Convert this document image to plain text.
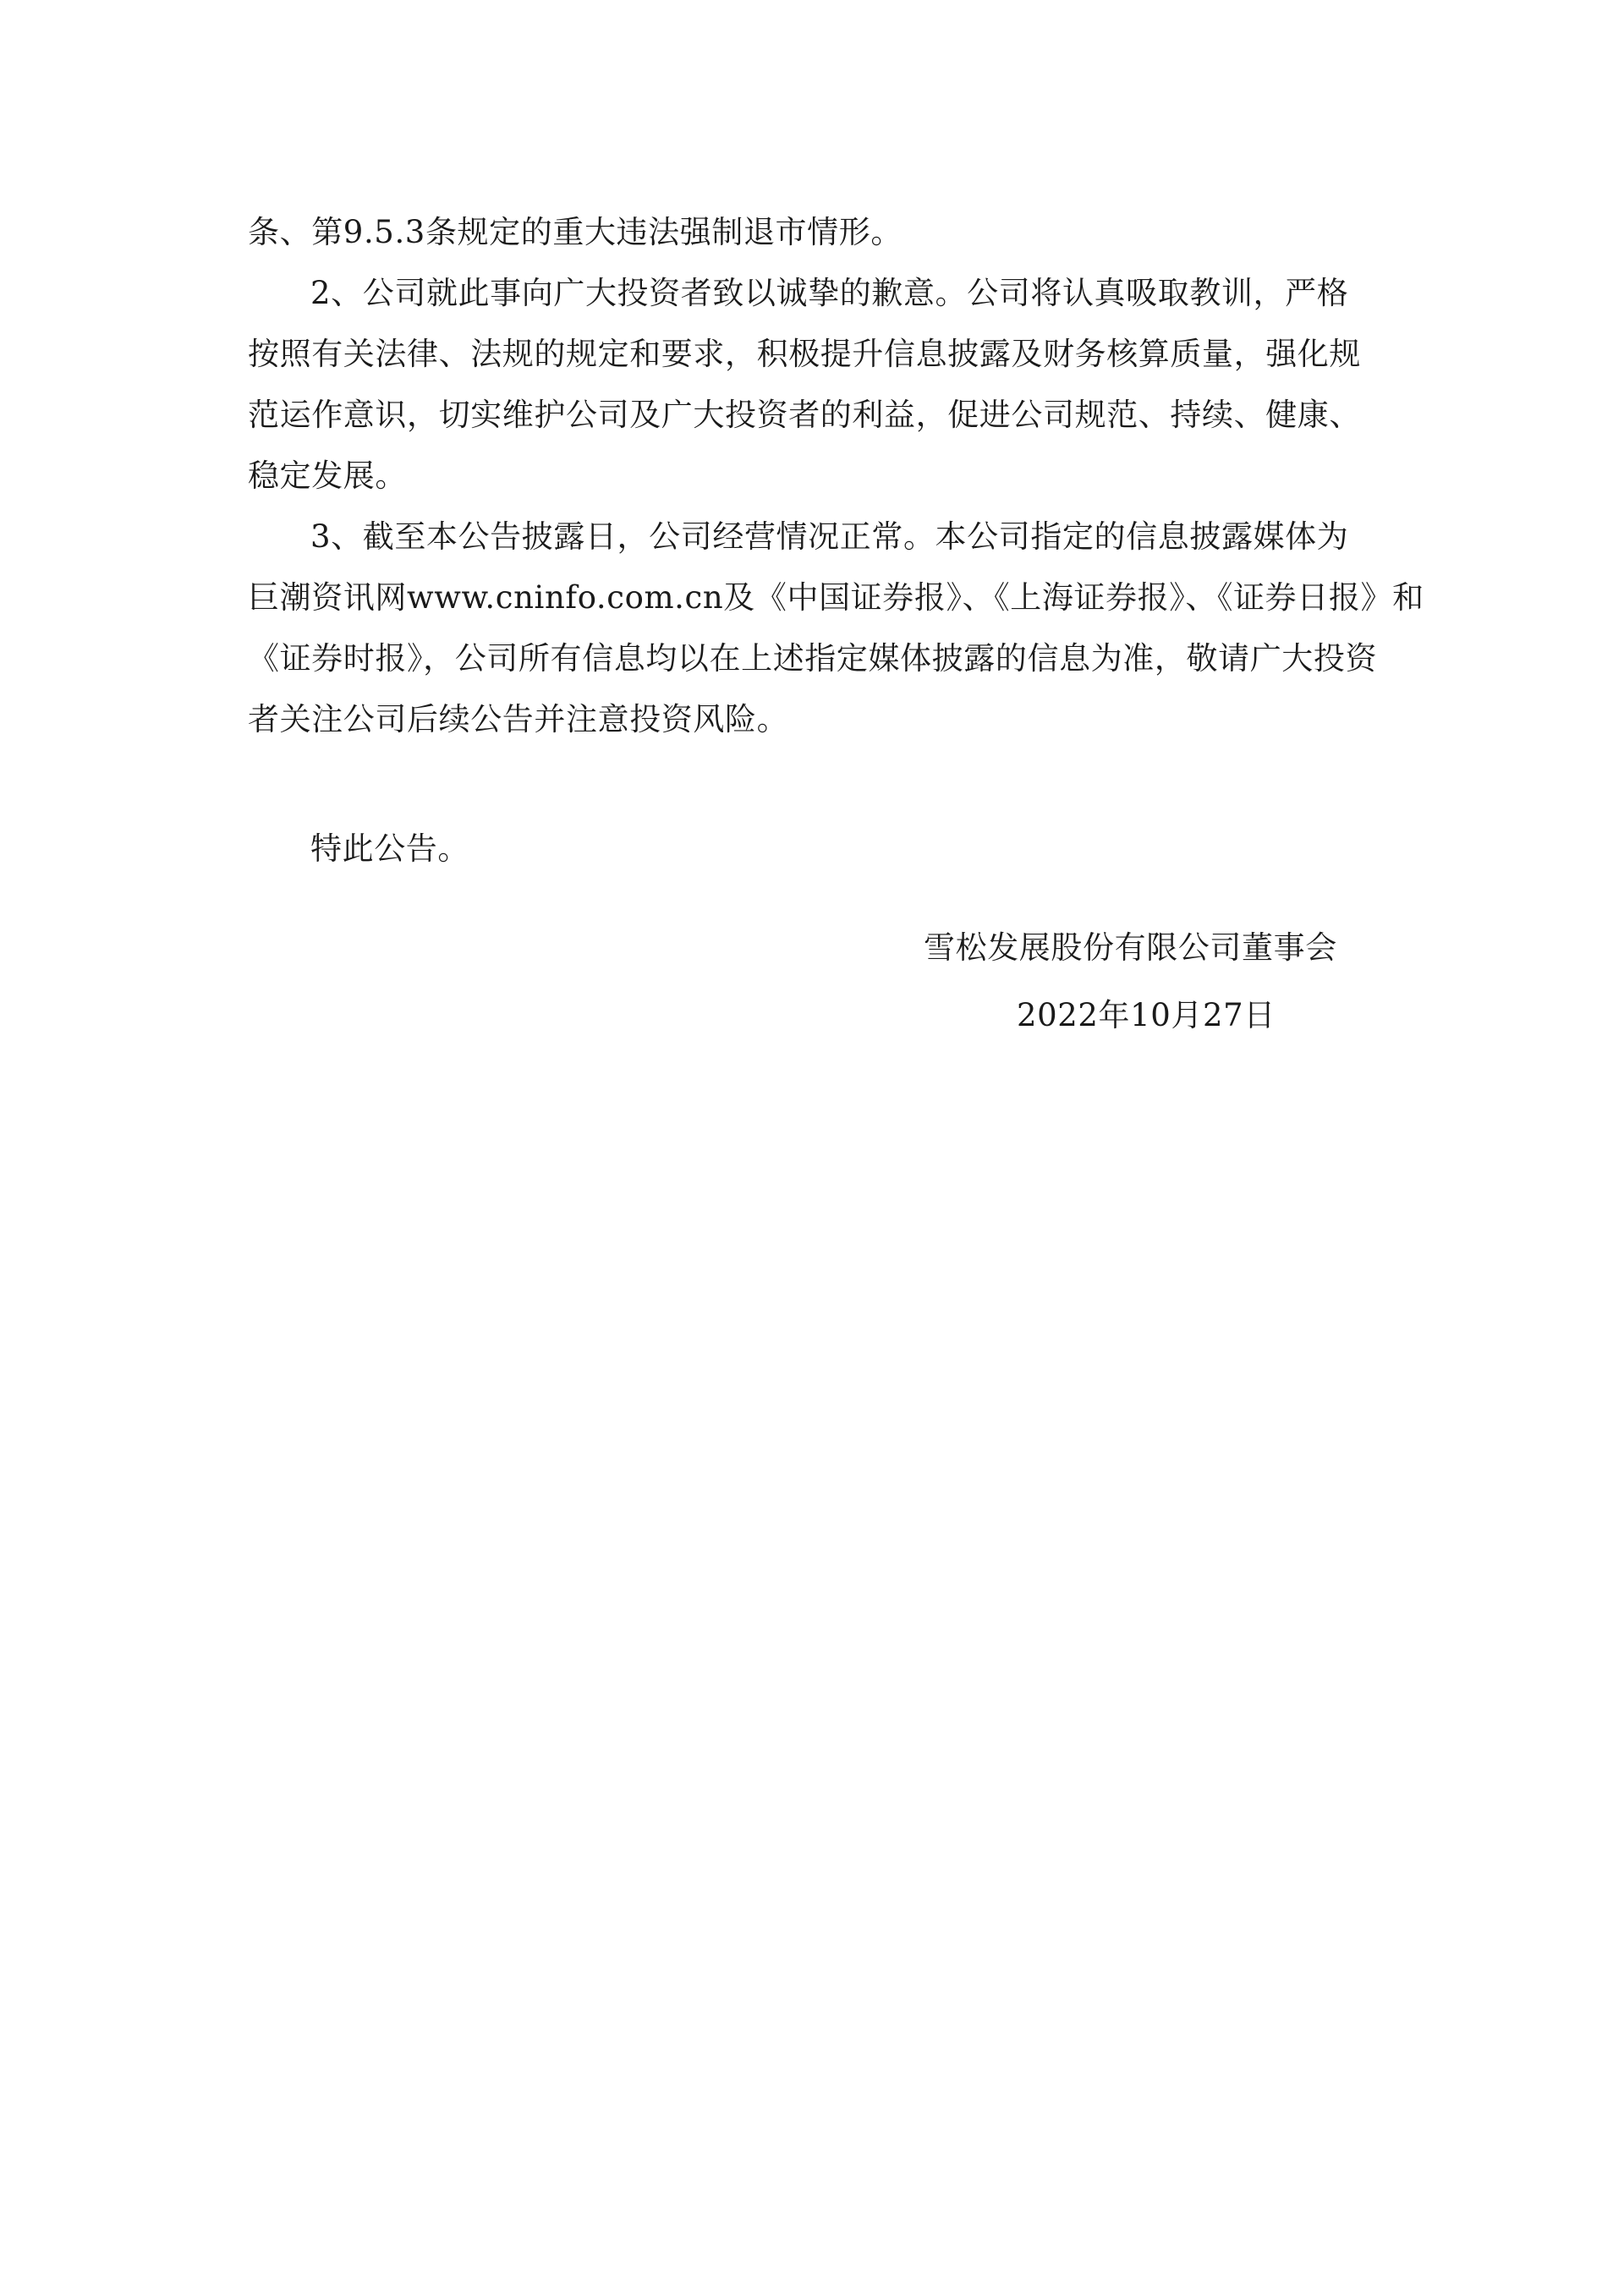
条、第9.5.3条规定的重大违法强制退市情形。
2、公司就此事向广大投资者致以诚挚的歉意。公司将认真吸取教训，严格
按照有关法律、法规的规定和要求，积极提升信息披露及财务核算质量，强化规
范运作意识，切实维护公司及广大投资者的利益，促进公司规范、持续、健康、
稳定发展。
3、截至本公告披露日，公司经营情况正常。本公司指定的信息披露媒体为
巨潮资讯网www.cninfo.com.cn及《中国证券报》、《上海证券报》、《证券日报》和
《证券时报》，公司所有信息均以在上述指定媒体披露的信息为准，敬请广大投资
者关注公司后续公告并注意投资风险。
特此公告。
雪松发展股份有限公司董事会
2022年10月27日
